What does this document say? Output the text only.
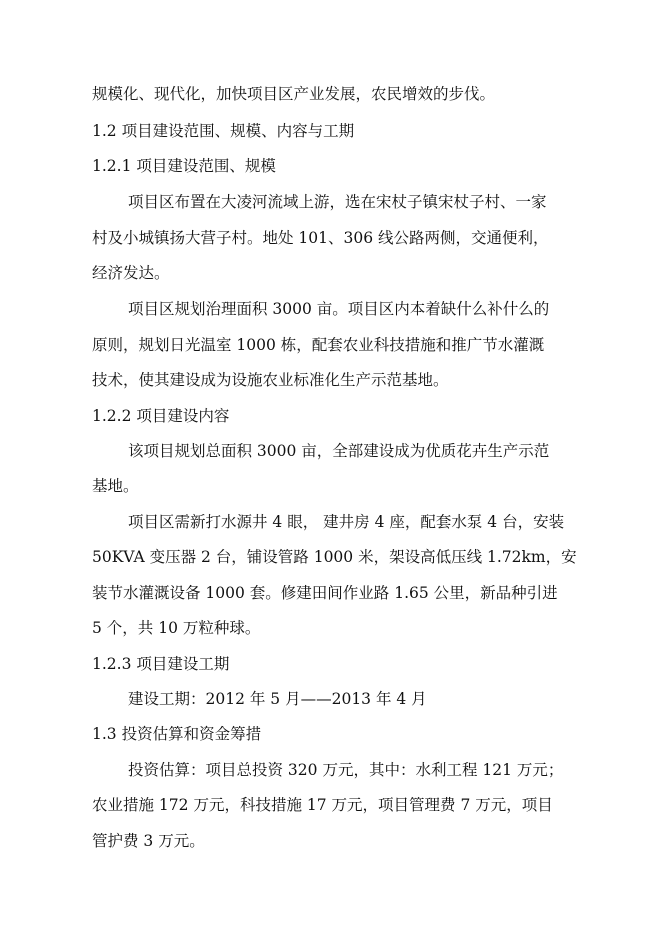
规模化、现代化，加快项目区产业发展，农民增效的步伐。
1.2 项目建设范围、规模、内容与工期
1.2.1 项目建设范围、规模
项目区布置在大凌河流域上游，选在宋杖子镇宋杖子村、一家
村及小城镇扬大营子村。地处 101、306 线公路两侧，交通便利，
经济发达。
项目区规划治理面积 3000 亩。项目区内本着缺什么补什么的
原则，规划日光温室 1000 栋，配套农业科技措施和推广节水灌溉
技术，使其建设成为设施农业标准化生产示范基地。
1.2.2 项目建设内容
该项目规划总面积 3000 亩，全部建设成为优质花卉生产示范
基地。
项目区需新打水源井 4 眼， 建井房 4 座，配套水泵 4 台，安装
50KVA 变压器 2 台，铺设管路 1000 米，架设高低压线 1.72km，安
装节水灌溉设备 1000 套。修建田间作业路 1.65 公里，新品种引进
5 个，共 10 万粒种球。
1.2.3 项目建设工期
建设工期：2012 年 5 月——2013 年 4 月
1.3 投资估算和资金筹措
投资估算：项目总投资 320 万元，其中：水利工程 121 万元；
农业措施 172 万元，科技措施 17 万元，项目管理费 7 万元，项目
管护费 3 万元。
